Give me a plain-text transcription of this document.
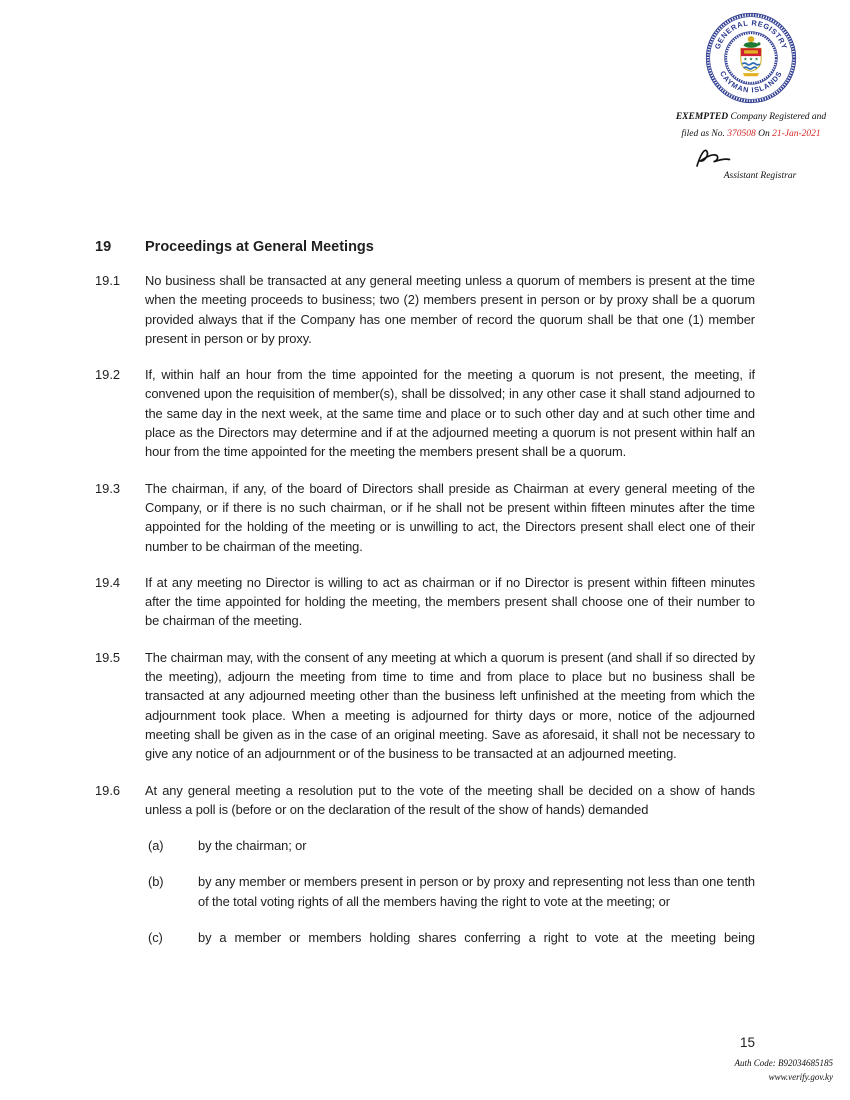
GENERAL REGISTRY
CAYMAN ISLANDS
★ ★ ★
EXEMPTED Company Registered and
filed as No. 370508 On 21-Jan-2021
Assistant Registrar
19	Proceedings at General Meetings
19.1	No business shall be transacted at any general meeting unless a quorum of members is present at the time when the meeting proceeds to business; two (2) members present in person or by proxy shall be a quorum provided always that if the Company has one member of record the quorum shall be that one (1) member present in person or by proxy.
19.2	If, within half an hour from the time appointed for the meeting a quorum is not present, the meeting, if convened upon the requisition of member(s), shall be dissolved; in any other case it shall stand adjourned to the same day in the next week, at the same time and place or to such other day and at such other time and place as the Directors may determine and if at the adjourned meeting a quorum is not present within half an hour from the time appointed for the meeting the members present shall be a quorum.
19.3	The chairman, if any, of the board of Directors shall preside as Chairman at every general meeting of the Company, or if there is no such chairman, or if he shall not be present within fifteen minutes after the time appointed for the holding of the meeting or is unwilling to act, the Directors present shall elect one of their number to be chairman of the meeting.
19.4	If at any meeting no Director is willing to act as chairman or if no Director is present within fifteen minutes after the time appointed for holding the meeting, the members present shall choose one of their number to be chairman of the meeting.
19.5	The chairman may, with the consent of any meeting at which a quorum is present (and shall if so directed by the meeting), adjourn the meeting from time to time and from place to place but no business shall be transacted at any adjourned meeting other than the business left unfinished at the meeting from which the adjournment took place. When a meeting is adjourned for thirty days or more, notice of the adjourned meeting shall be given as in the case of an original meeting. Save as aforesaid, it shall not be necessary to give any notice of an adjournment or of the business to be transacted at an adjourned meeting.
19.6	At any general meeting a resolution put to the vote of the meeting shall be decided on a show of hands unless a poll is (before or on the declaration of the result of the show of hands) demanded
(a)	by the chairman; or
(b)	by any member or members present in person or by proxy and representing not less than one tenth of the total voting rights of all the members having the right to vote at the meeting; or
(c)	by a member or members holding shares conferring a right to vote at the meeting being
15
Auth Code: B92034685185
www.verify.gov.ky
